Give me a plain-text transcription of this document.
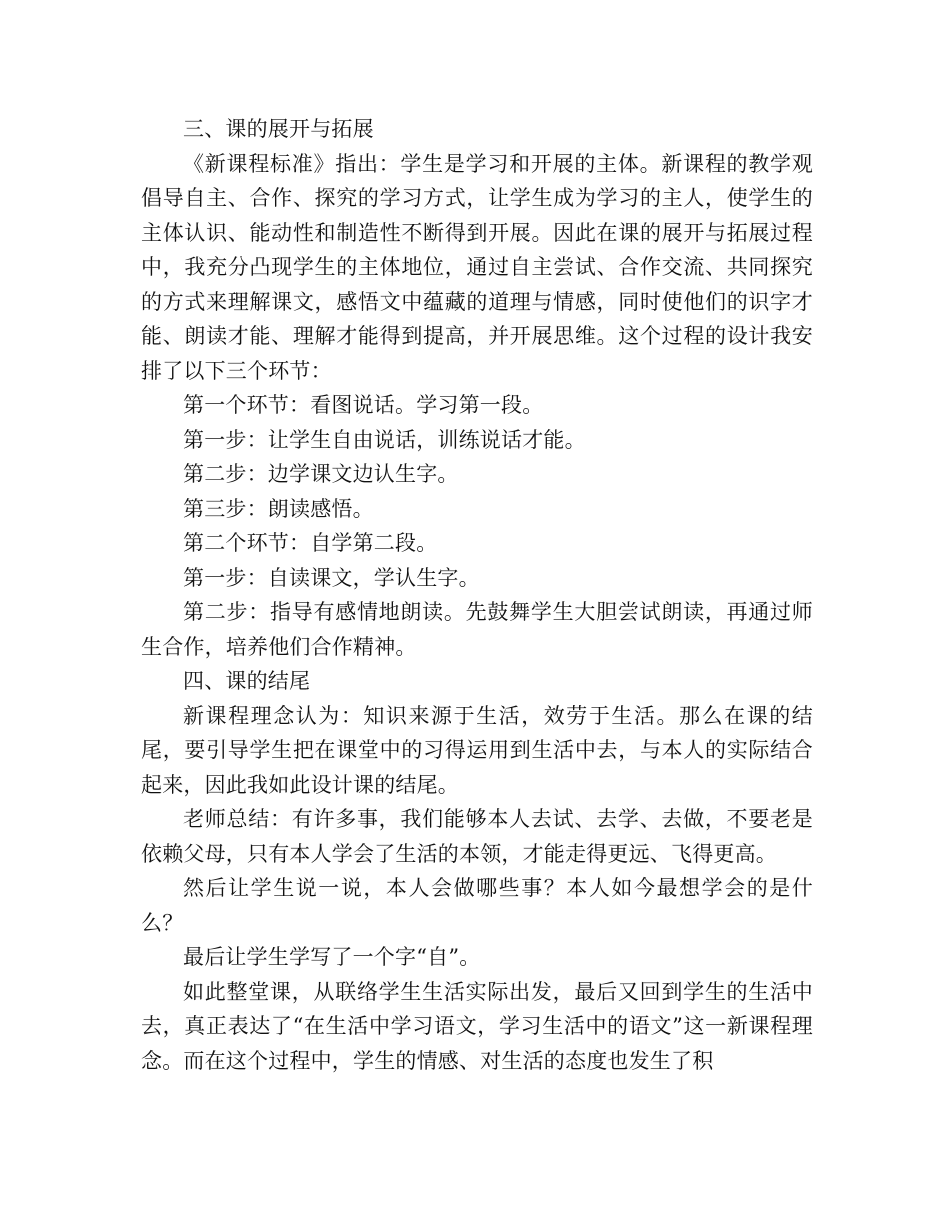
三、课的展开与拓展

《新课程标准》指出：学生是学习和开展的主体。新课程的教学观倡导自主、合作、探究的学习方式，让学生成为学习的主人，使学生的主体认识、能动性和制造性不断得到开展。因此在课的展开与拓展过程中，我充分凸现学生的主体地位，通过自主尝试、合作交流、共同探究的方式来理解课文，感悟文中蕴藏的道理与情感，同时使他们的识字才能、朗读才能、理解才能得到提高，并开展思维。这个过程的设计我安排了以下三个环节：

第一个环节：看图说话。学习第一段。

第一步：让学生自由说话，训练说话才能。

第二步：边学课文边认生字。

第三步：朗读感悟。

第二个环节：自学第二段。

第一步：自读课文，学认生字。

第二步：指导有感情地朗读。先鼓舞学生大胆尝试朗读，再通过师生合作，培养他们合作精神。

四、课的结尾

新课程理念认为：知识来源于生活，效劳于生活。那么在课的结尾，要引导学生把在课堂中的习得运用到生活中去，与本人的实际结合起来，因此我如此设计课的结尾。

老师总结：有许多事，我们能够本人去试、去学、去做，不要老是依赖父母，只有本人学会了生活的本领，才能走得更远、飞得更高。

然后让学生说一说，本人会做哪些事？本人如今最想学会的是什么？

最后让学生学写了一个字“自”。

如此整堂课，从联络学生生活实际出发，最后又回到学生的生活中去，真正表达了“在生活中学习语文，学习生活中的语文”这一新课程理念。而在这个过程中，学生的情感、对生活的态度也发生了积
